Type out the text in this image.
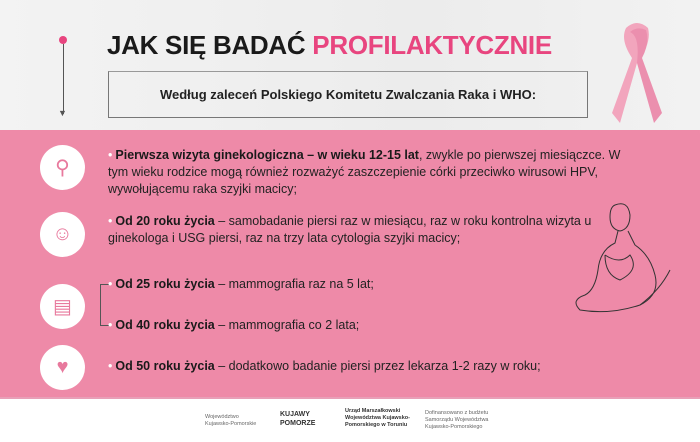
▼
JAK SIĘ BADAĆ PROFILAKTYCZNIE
Według zaleceń Polskiego Komitetu Zwalczania Raka i WHO:
⚲
☺
▤
♥
• Pierwsza wizyta ginekologiczna – w wieku 12-15 lat, zwykle po pierwszej miesiączce. W tym wieku rodzice mogą również rozważyć zaszczepienie córki przeciwko wirusowi HPV, wywołującemu raka szyjki macicy;
• Od 20 roku życia – samobadanie piersi raz w miesiącu, raz w roku kontrolna wizyta u ginekologa i USG piersi, raz na trzy lata cytologia szyjki macicy;
• Od 25 roku życia – mammografia raz na 5 lat;
• Od 40 roku życia – mammografia co 2 lata;
• Od 50 roku życia – dodatkowo badanie piersi przez lekarza 1-2 razy w roku;
Województwo Kujawsko-Pomorskie
KUJAWY POMORZE
Urząd Marszałkowski Województwa Kujawsko-Pomorskiego w Toruniu
Dofinansowano z budżetu Samorządu Województwa Kujawsko-Pomorskiego
